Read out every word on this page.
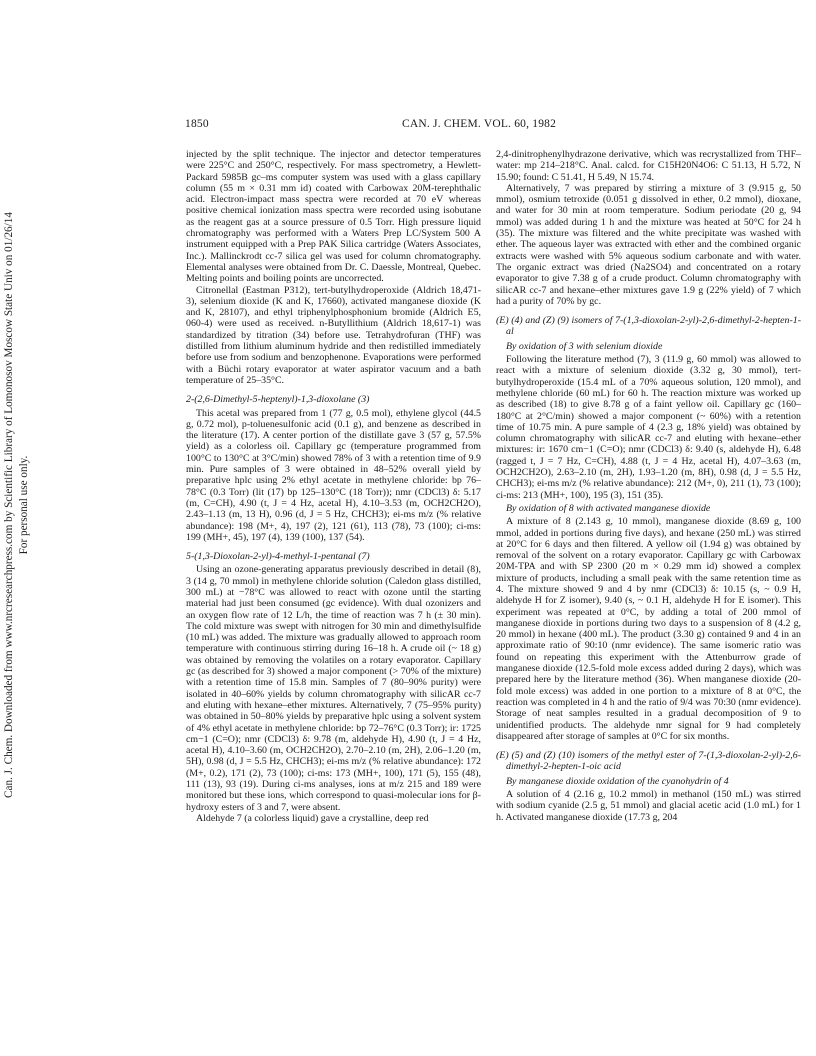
Can. J. Chem. Downloaded from www.nrcresearchpress.com by Scientific Library of Lomonosov Moscow State Univ on 01/26/14 For personal use only.
1850	CAN. J. CHEM. VOL. 60, 1982

injected by the split technique. The injector and detector temperatures were 225°C and 250°C, respectively. For mass spectrometry, a Hewlett-Packard 5985B gc–ms computer system was used with a glass capillary column (55 m × 0.31 mm id) coated with Carbowax 20M-terephthalic acid. Electron-impact mass spectra were recorded at 70 eV whereas positive chemical ionization mass spectra were recorded using isobutane as the reagent gas at a source pressure of 0.5 Torr. High pressure liquid chromatography was performed with a Waters Prep LC/System 500 A instrument equipped with a Prep PAK Silica cartridge (Waters Associates, Inc.). Mallinckrodt cc-7 silica gel was used for column chromatography. Elemental analyses were obtained from Dr. C. Daessle, Montreal, Quebec. Melting points and boiling points are uncorrected.

Citronellal (Eastman P312), tert-butylhydroperoxide (Aldrich 18,471-3), selenium dioxide (K and K, 17660), activated manganese dioxide (K and K, 28107), and ethyl triphenylphosphonium bromide (Aldrich E5, 060-4) were used as received. n-Butyllithium (Aldrich 18,617-1) was standardized by titration (34) before use. Tetrahydrofuran (THF) was distilled from lithium aluminum hydride and then redistilled immediately before use from sodium and benzophenone. Evaporations were performed with a Büchi rotary evaporator at water aspirator vacuum and a bath temperature of 25–35°C.

2-(2,6-Dimethyl-5-heptenyl)-1,3-dioxolane (3)

This acetal was prepared from 1 (77 g, 0.5 mol), ethylene glycol (44.5 g, 0.72 mol), p-toluenesulfonic acid (0.1 g), and benzene as described in the literature (17). A center portion of the distillate gave 3 (57 g, 57.5% yield) as a colorless oil. Capillary gc (temperature programmed from 100°C to 130°C at 3°C/min) showed 78% of 3 with a retention time of 9.9 min. Pure samples of 3 were obtained in 48–52% overall yield by preparative hplc using 2% ethyl acetate in methylene chloride: bp 76–78°C (0.3 Torr) (lit (17) bp 125–130°C (18 Torr)); nmr (CDCl3) δ: 5.17 (m, C=CH), 4.90 (t, J = 4 Hz, acetal H), 4.10–3.53 (m, OCH2CH2O), 2.43–1.13 (m, 13 H), 0.96 (d, J = 5 Hz, CHCH3); ei-ms m/z (% relative abundance): 198 (M+, 4), 197 (2), 121 (61), 113 (78), 73 (100); ci-ms: 199 (MH+, 45), 197 (4), 139 (100), 137 (54).

5-(1,3-Dioxolan-2-yl)-4-methyl-1-pentanal (7)

Using an ozone-generating apparatus previously described in detail (8), 3 (14 g, 70 mmol) in methylene chloride solution (Caledon glass distilled, 300 mL) at −78°C was allowed to react with ozone until the starting material had just been consumed (gc evidence). With dual ozonizers and an oxygen flow rate of 12 L/h, the time of reaction was 7 h (± 30 min). The cold mixture was swept with nitrogen for 30 min and dimethylsulfide (10 mL) was added. The mixture was gradually allowed to approach room temperature with continuous stirring during 16–18 h. A crude oil (~ 18 g) was obtained by removing the volatiles on a rotary evaporator. Capillary gc (as described for 3) showed a major component (> 70% of the mixture) with a retention time of 15.8 min. Samples of 7 (80–90% purity) were isolated in 40–60% yields by column chromatography with silicAR cc-7 and eluting with hexane–ether mixtures. Alternatively, 7 (75–95% purity) was obtained in 50–80% yields by preparative hplc using a solvent system of 4% ethyl acetate in methylene chloride: bp 72–76°C (0.3 Torr); ir: 1725 cm−1 (C=O); nmr (CDCl3) δ: 9.78 (m, aldehyde H), 4.90 (t, J = 4 Hz, acetal H), 4.10–3.60 (m, OCH2CH2O), 2.70–2.10 (m, 2H), 2.06–1.20 (m, 5H), 0.98 (d, J = 5.5 Hz, CHCH3); ei-ms m/z (% relative abundance): 172 (M+, 0.2), 171 (2), 73 (100); ci-ms: 173 (MH+, 100), 171 (5), 155 (48), 111 (13), 93 (19). During ci-ms analyses, ions at m/z 215 and 189 were monitored but these ions, which correspond to quasi-molecular ions for β-hydroxy esters of 3 and 7, were absent.

Aldehyde 7 (a colorless liquid) gave a crystalline, deep red

2,4-dinitrophenylhydrazone derivative, which was recrystallized from THF–water: mp 214–218°C. Anal. calcd. for C15H20N4O6: C 51.13, H 5.72, N 15.90; found: C 51.41, H 5.49, N 15.74.

Alternatively, 7 was prepared by stirring a mixture of 3 (9.915 g, 50 mmol), osmium tetroxide (0.051 g dissolved in ether, 0.2 mmol), dioxane, and water for 30 min at room temperature. Sodium periodate (20 g, 94 mmol) was added during 1 h and the mixture was heated at 50°C for 24 h (35). The mixture was filtered and the white precipitate was washed with ether. The aqueous layer was extracted with ether and the combined organic extracts were washed with 5% aqueous sodium carbonate and with water. The organic extract was dried (Na2SO4) and concentrated on a rotary evaporator to give 7.38 g of a crude product. Column chromatography with silicAR cc-7 and hexane–ether mixtures gave 1.9 g (22% yield) of 7 which had a purity of 70% by gc.

(E) (4) and (Z) (9) isomers of 7-(1,3-dioxolan-2-yl)-2,6-dimethyl-2-hepten-1-al
By oxidation of 3 with selenium dioxide

Following the literature method (7), 3 (11.9 g, 60 mmol) was allowed to react with a mixture of selenium dioxide (3.32 g, 30 mmol), tert-butylhydroperoxide (15.4 mL of a 70% aqueous solution, 120 mmol), and methylene chloride (60 mL) for 60 h. The reaction mixture was worked up as described (18) to give 8.78 g of a faint yellow oil. Capillary gc (160–180°C at 2°C/min) showed a major component (~ 60%) with a retention time of 10.75 min. A pure sample of 4 (2.3 g, 18% yield) was obtained by column chromatography with silicAR cc-7 and eluting with hexane–ether mixtures: ir: 1670 cm−1 (C=O); nmr (CDCl3) δ: 9.40 (s, aldehyde H), 6.48 (ragged t, J = 7 Hz, C=CH), 4.88 (t, J = 4 Hz, acetal H), 4.07–3.63 (m, OCH2CH2O), 2.63–2.10 (m, 2H), 1.93–1.20 (m, 8H), 0.98 (d, J = 5.5 Hz, CHCH3); ei-ms m/z (% relative abundance): 212 (M+, 0), 211 (1), 73 (100); ci-ms: 213 (MH+, 100), 195 (3), 151 (35).

By oxidation of 8 with activated manganese dioxide

A mixture of 8 (2.143 g, 10 mmol), manganese dioxide (8.69 g, 100 mmol, added in portions during five days), and hexane (250 mL) was stirred at 20°C for 6 days and then filtered. A yellow oil (1.94 g) was obtained by removal of the solvent on a rotary evaporator. Capillary gc with Carbowax 20M-TPA and with SP 2300 (20 m × 0.29 mm id) showed a complex mixture of products, including a small peak with the same retention time as 4. The mixture showed 9 and 4 by nmr (CDCl3) δ: 10.15 (s, ~ 0.9 H, aldehyde H for Z isomer), 9.40 (s, ~ 0.1 H, aldehyde H for E isomer). This experiment was repeated at 0°C, by adding a total of 200 mmol of manganese dioxide in portions during two days to a suspension of 8 (4.2 g, 20 mmol) in hexane (400 mL). The product (3.30 g) contained 9 and 4 in an approximate ratio of 90:10 (nmr evidence). The same isomeric ratio was found on repeating this experiment with the Attenburrow grade of manganese dioxide (12.5-fold mole excess added during 2 days), which was prepared here by the literature method (36). When manganese dioxide (20-fold mole excess) was added in one portion to a mixture of 8 at 0°C, the reaction was completed in 4 h and the ratio of 9/4 was 70:30 (nmr evidence). Storage of neat samples resulted in a gradual decomposition of 9 to unidentified products. The aldehyde nmr signal for 9 had completely disappeared after storage of samples at 0°C for six months.

(E) (5) and (Z) (10) isomers of the methyl ester of 7-(1,3-dioxolan-2-yl)-2,6-dimethyl-2-hepten-1-oic acid
By manganese dioxide oxidation of the cyanohydrin of 4

A solution of 4 (2.16 g, 10.2 mmol) in methanol (150 mL) was stirred with sodium cyanide (2.5 g, 51 mmol) and glacial acetic acid (1.0 mL) for 1 h. Activated manganese dioxide (17.73 g, 204
